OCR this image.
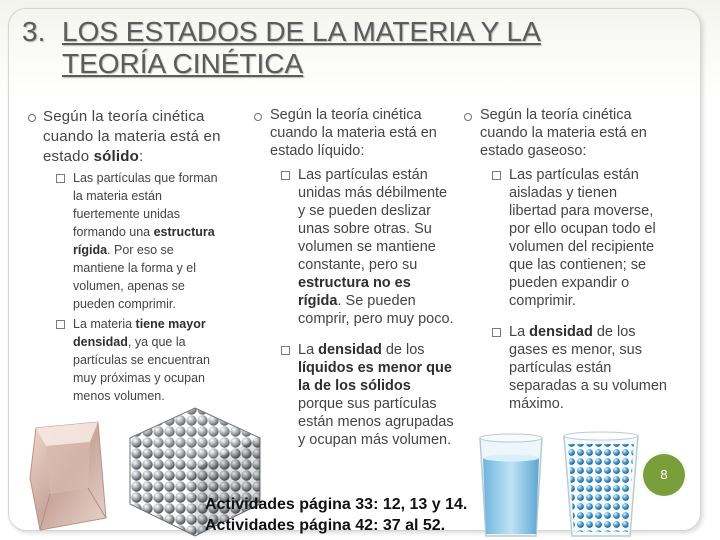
3. LOS ESTADOS DE LA MATERIA Y LA
TEORÍA CINÉTICA
Según la teoría cinética
cuando la materia está en
estado sólido:
Las partículas que forman
la materia están
fuertemente unidas
formando una estructura
rígida. Por eso se
mantiene la forma y el
volumen, apenas se
pueden comprimir.
La materia tiene mayor
densidad, ya que la
partículas se encuentran
muy próximas y ocupan
menos volumen.
Según la teoría cinética
cuando la materia está en
estado líquido:
Las partículas están
unidas más débilmente
y se pueden deslizar
unas sobre otras. Su
volumen se mantiene
constante, pero su
estructura no es
rígida. Se pueden
comprir, pero muy poco.
La densidad de los
líquidos es menor que
la de los sólidos
porque sus partículas
están menos agrupadas
y ocupan más volumen.
Según la teoría cinética
cuando la materia está en
estado gaseoso:
Las partículas están
aisladas y tienen
libertad para moverse,
por ello ocupan todo el
volumen del recipiente
que las contienen; se
pueden expandir o
comprimir.
La densidad de los
gases es menor, sus
partículas están
separadas a su volumen
máximo.
8
Actividades página 33: 12, 13 y 14.
Actividades página 42: 37 al 52.
